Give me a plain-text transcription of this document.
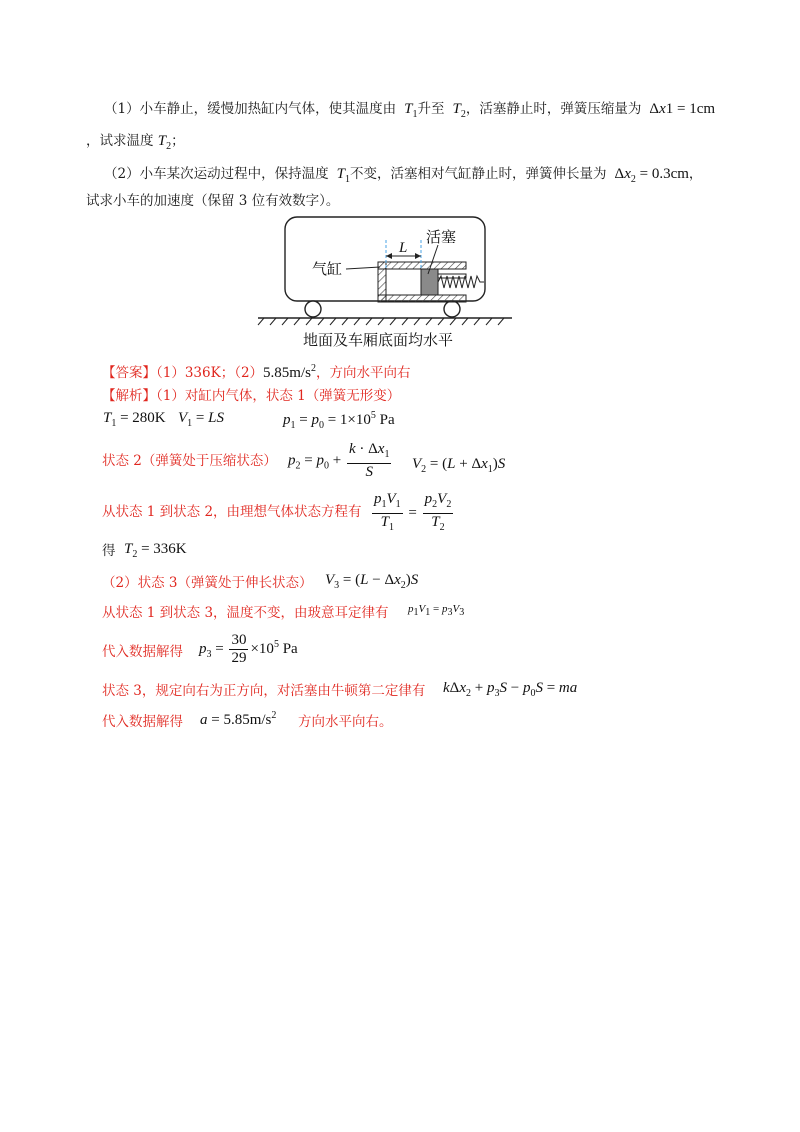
（1）小车静止，缓慢加热缸内气体，使其温度由 $T_1$升至 $T_2$，活塞静止时，弹簧压缩量为  Δx1 = 1cm
，试求温度 $T_2$；
（2）小车某次运动过程中，保持温度 $T_1$不变，活塞相对气缸静止时，弹簧伸长量为  $\Delta x_2 = 0.3cm$，
试求小车的加速度（保留 3 位有效数字）。
L
活塞
气缸
地面及车厢底面均水平
【答案】（1）336K；$(2)5.85m/s^2$，方向水平向右
【解析】（1）对缸内气体，状态 1（弹簧无形变）
$T_1 = 280K$ $V_1$ = LS	$p_1 = p_0 = 1\times 10^5$ Pa
状态 2（弹簧处于压缩状态） $p_2 = p_0 + \frac{k \cdot \Delta x_1}{S} V_2 = (L + \Delta x_1)S$
从状态 1 到状态 2，由理想气体状态方程有 $\frac{p_1V_1}{T_1} = \frac{p_2V_2}{T_2}$
得 $T_2 = 336K$
（2）状态 3（弹簧处于伸长状态） $V_3 = (L - \Delta x_2)S$
从状态 1 到状态 3，温度不变，由玻意耳定律有 $p_1V_1 = p_3V_3$
代入数据解得 $p_3 = \frac{30}{29} \times 10^5$ Pa
状态 3，规定向右为正方向，对活塞由牛顿第二定律有 $k\Delta x_2 + p_3S - p_0S$ = ma
代入数据解得 $a = 5.85m/s^2$ 方向水平向右。
